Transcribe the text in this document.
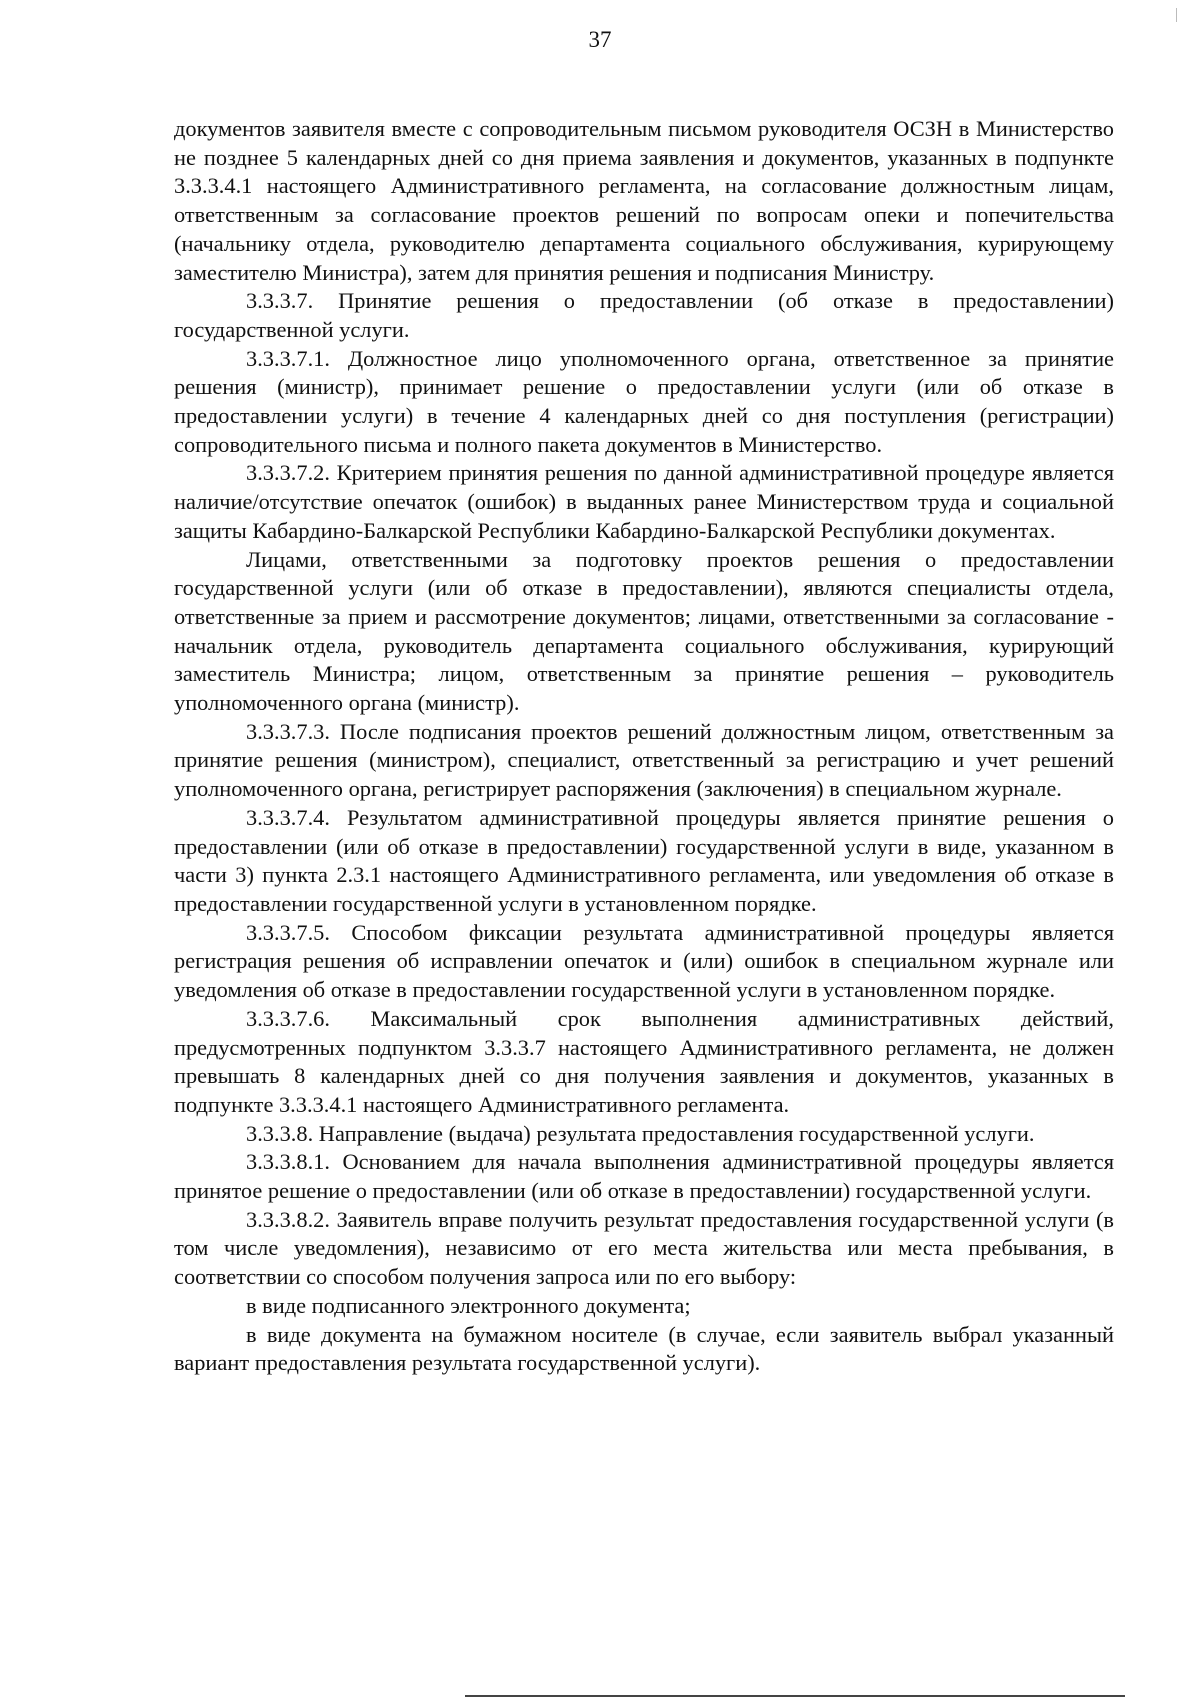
37

документов заявителя вместе с сопроводительным письмом руководителя ОСЗН в Министерство не позднее 5 календарных дней со дня приема заявления и документов, указанных в подпункте 3.3.3.4.1 настоящего Административного регламента, на согласование должностным лицам, ответственным за согласование проектов решений по вопросам опеки и попечительства (начальнику отдела, руководителю департамента социального обслуживания, курирующему заместителю Министра), затем для принятия решения и подписания Министру.

3.3.3.7. Принятие решения о предоставлении (об отказе в предоставлении) государственной услуги.

3.3.3.7.1. Должностное лицо уполномоченного органа, ответственное за принятие решения (министр), принимает решение о предоставлении услуги (или об отказе в предоставлении услуги) в течение 4 календарных дней со дня поступления (регистрации) сопроводительного письма и полного пакета документов в Министерство.

3.3.3.7.2. Критерием принятия решения по данной административной процедуре является наличие/отсутствие опечаток (ошибок) в выданных ранее Министерством труда и социальной защиты Кабардино-Балкарской Республики Кабардино-Балкарской Республики документах.

Лицами, ответственными за подготовку проектов решения о предоставлении государственной услуги (или об отказе в предоставлении), являются специалисты отдела, ответственные за прием и рассмотрение документов; лицами, ответственными за согласование - начальник отдела, руководитель департамента социального обслуживания, курирующий заместитель Министра; лицом, ответственным за принятие решения – руководитель уполномоченного органа (министр).

3.3.3.7.3. После подписания проектов решений должностным лицом, ответственным за принятие решения (министром), специалист, ответственный за регистрацию и учет решений уполномоченного органа, регистрирует распоряжения (заключения) в специальном журнале.

3.3.3.7.4. Результатом административной процедуры является принятие решения о предоставлении (или об отказе в предоставлении) государственной услуги в виде, указанном в части 3) пункта 2.3.1 настоящего Административного регламента, или уведомления об отказе в предоставлении государственной услуги в установленном порядке.

3.3.3.7.5. Способом фиксации результата административной процедуры является регистрация решения об исправлении опечаток и (или) ошибок в специальном журнале или уведомления об отказе в предоставлении государственной услуги в установленном порядке.

3.3.3.7.6. Максимальный срок выполнения административных действий, предусмотренных подпунктом 3.3.3.7 настоящего Административного регламента, не должен превышать 8 календарных дней со дня получения заявления и документов, указанных в подпункте 3.3.3.4.1 настоящего Административного регламента.

3.3.3.8. Направление (выдача) результата предоставления государственной услуги.

3.3.3.8.1. Основанием для начала выполнения административной процедуры является принятое решение о предоставлении (или об отказе в предоставлении) государственной услуги.

3.3.3.8.2. Заявитель вправе получить результат предоставления государственной услуги (в том числе уведомления), независимо от его места жительства или места пребывания, в соответствии со способом получения запроса или по его выбору:

в виде подписанного электронного документа;

в виде документа на бумажном носителе (в случае, если заявитель выбрал указанный вариант предоставления результата государственной услуги).
